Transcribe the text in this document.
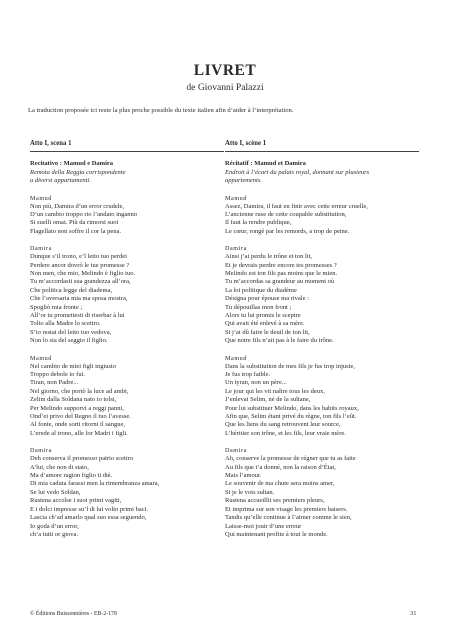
LIVRET
de Giovanni Palazzi
La traduction proposée ici reste la plus proche possible du texte italien afin d’aider à l’interprétation.
Atto I, scena 1
Recitativo : Mamud e Damira
Remota della Reggia corrispondente
a diversi appartamenti.
Mamud
Non più, Damira d’un error crudele,
D’un cambio troppo rio l’andato inganno
Si suelli omai. Più da rimorsi suoi
Flagellato non soffre il cor la pena.
Damira
Dunque s’il trono, e’l letto tuo perdei
Perdere ancor dovrò le tue promesse ?
Non men, che mio, Melindo è figlio tuo.
Tu m’accordasti sua grandezza all’ora,
Che politica legge del diadema,
Che l’aversaria mia ma sposa mostra,
Spogliò mia fronte ;
All’or tu promettesti di riserbar à lui
Tolto alla Madre lo scettro.
S’io restai del letto tuo vedova,
Non lo sia del seggio il figlio.
Mamud
Nel cambio de miei figli ingiusto
Troppo debole io fui.
Tiran, non Padre...
Nel giorno, che portò la luce ad ambi,
Zelim dalla Soldana nato io tolsi,
Per Melindo supporvi a reggi panni,
Ond’ei privo del Regno il tuo l’avesse.
Al fonte, onde sorti ritorni il sangue,
L’erede al trono, alle lor Madri i figli.
Damira
Deh conserva il promesso patrio scettro
A’lui, che non di stato,
Ma d’amore ragion figlio ti diè.
Di mia caduta farassi men la rimembranza amara,
Se lui vedo Soldan,
Rustena accolse i suoi primi vagiti,
E i dolci impresse su’l di lui volto primi baci.
Lascia ch’ad amarlo qual suo essa seguendo,
Io goda d’un error,
ch’a tutti or giova.
Atto I, scène 1
Récitatif : Mamud et Damira
Endroit à l’écart du palais royal, donnant sur plusieurs
appartements.
Mamud
Assez, Damira, il faut en finir avec cette erreur cruelle,
L’ancienne ruse de cette coupable substitution,
Il faut la rendre publique,
Le cœur, rongé par les remords, a trop de peine.
Damira
Ainsi j’ai perdu le trône et ton lit,
Et je devrais perdre encore tes promesses ?
Melindo est ton fils pas moins que le mien.
Tu m’accordas sa grandeur au moment où
La loi politique du diadème
Désigna pour épouse ma rivale :
Tu dépouillas mon front ;
Alors tu lui promis le sceptre
Qui avait été enlevé à sa mère.
Si j’ai dû faire le deuil de ton lit,
Que notre fils n’ait pas à le faire du trône.
Mamud
Dans la substitution de mes fils je fus trop injuste,
Je fus trop faible.
Un tyran, non un père...
Le jour qui les vit naître tous les deux,
J’enlevai Selim, né de la sultane,
Pour lui substituer Melindo, dans les habits royaux,
Afin que, Selim étant privé du règne, ton fils l’eût.
Que les liens du sang retrouvent leur source,
L’héritier son trône, et les fils, leur vraie mère.
Damira
Ah, conserve la promesse de régner que tu as faite
Au fils que t’a donné, non la raison d’État,
Mais l’amour.
Le souvenir de ma chute sera moins amer,
Si je le vois sultan.
Rustena accueillit ses premiers pleurs,
Et imprima sur son visage les premiers baisers.
Tandis qu’elle continue à l’aimer comme le sien,
Laisse-moi jouir d’une erreur
Qui maintenant profite à tout le monde.
© Éditions Buissonnières - EB-2-178	31
